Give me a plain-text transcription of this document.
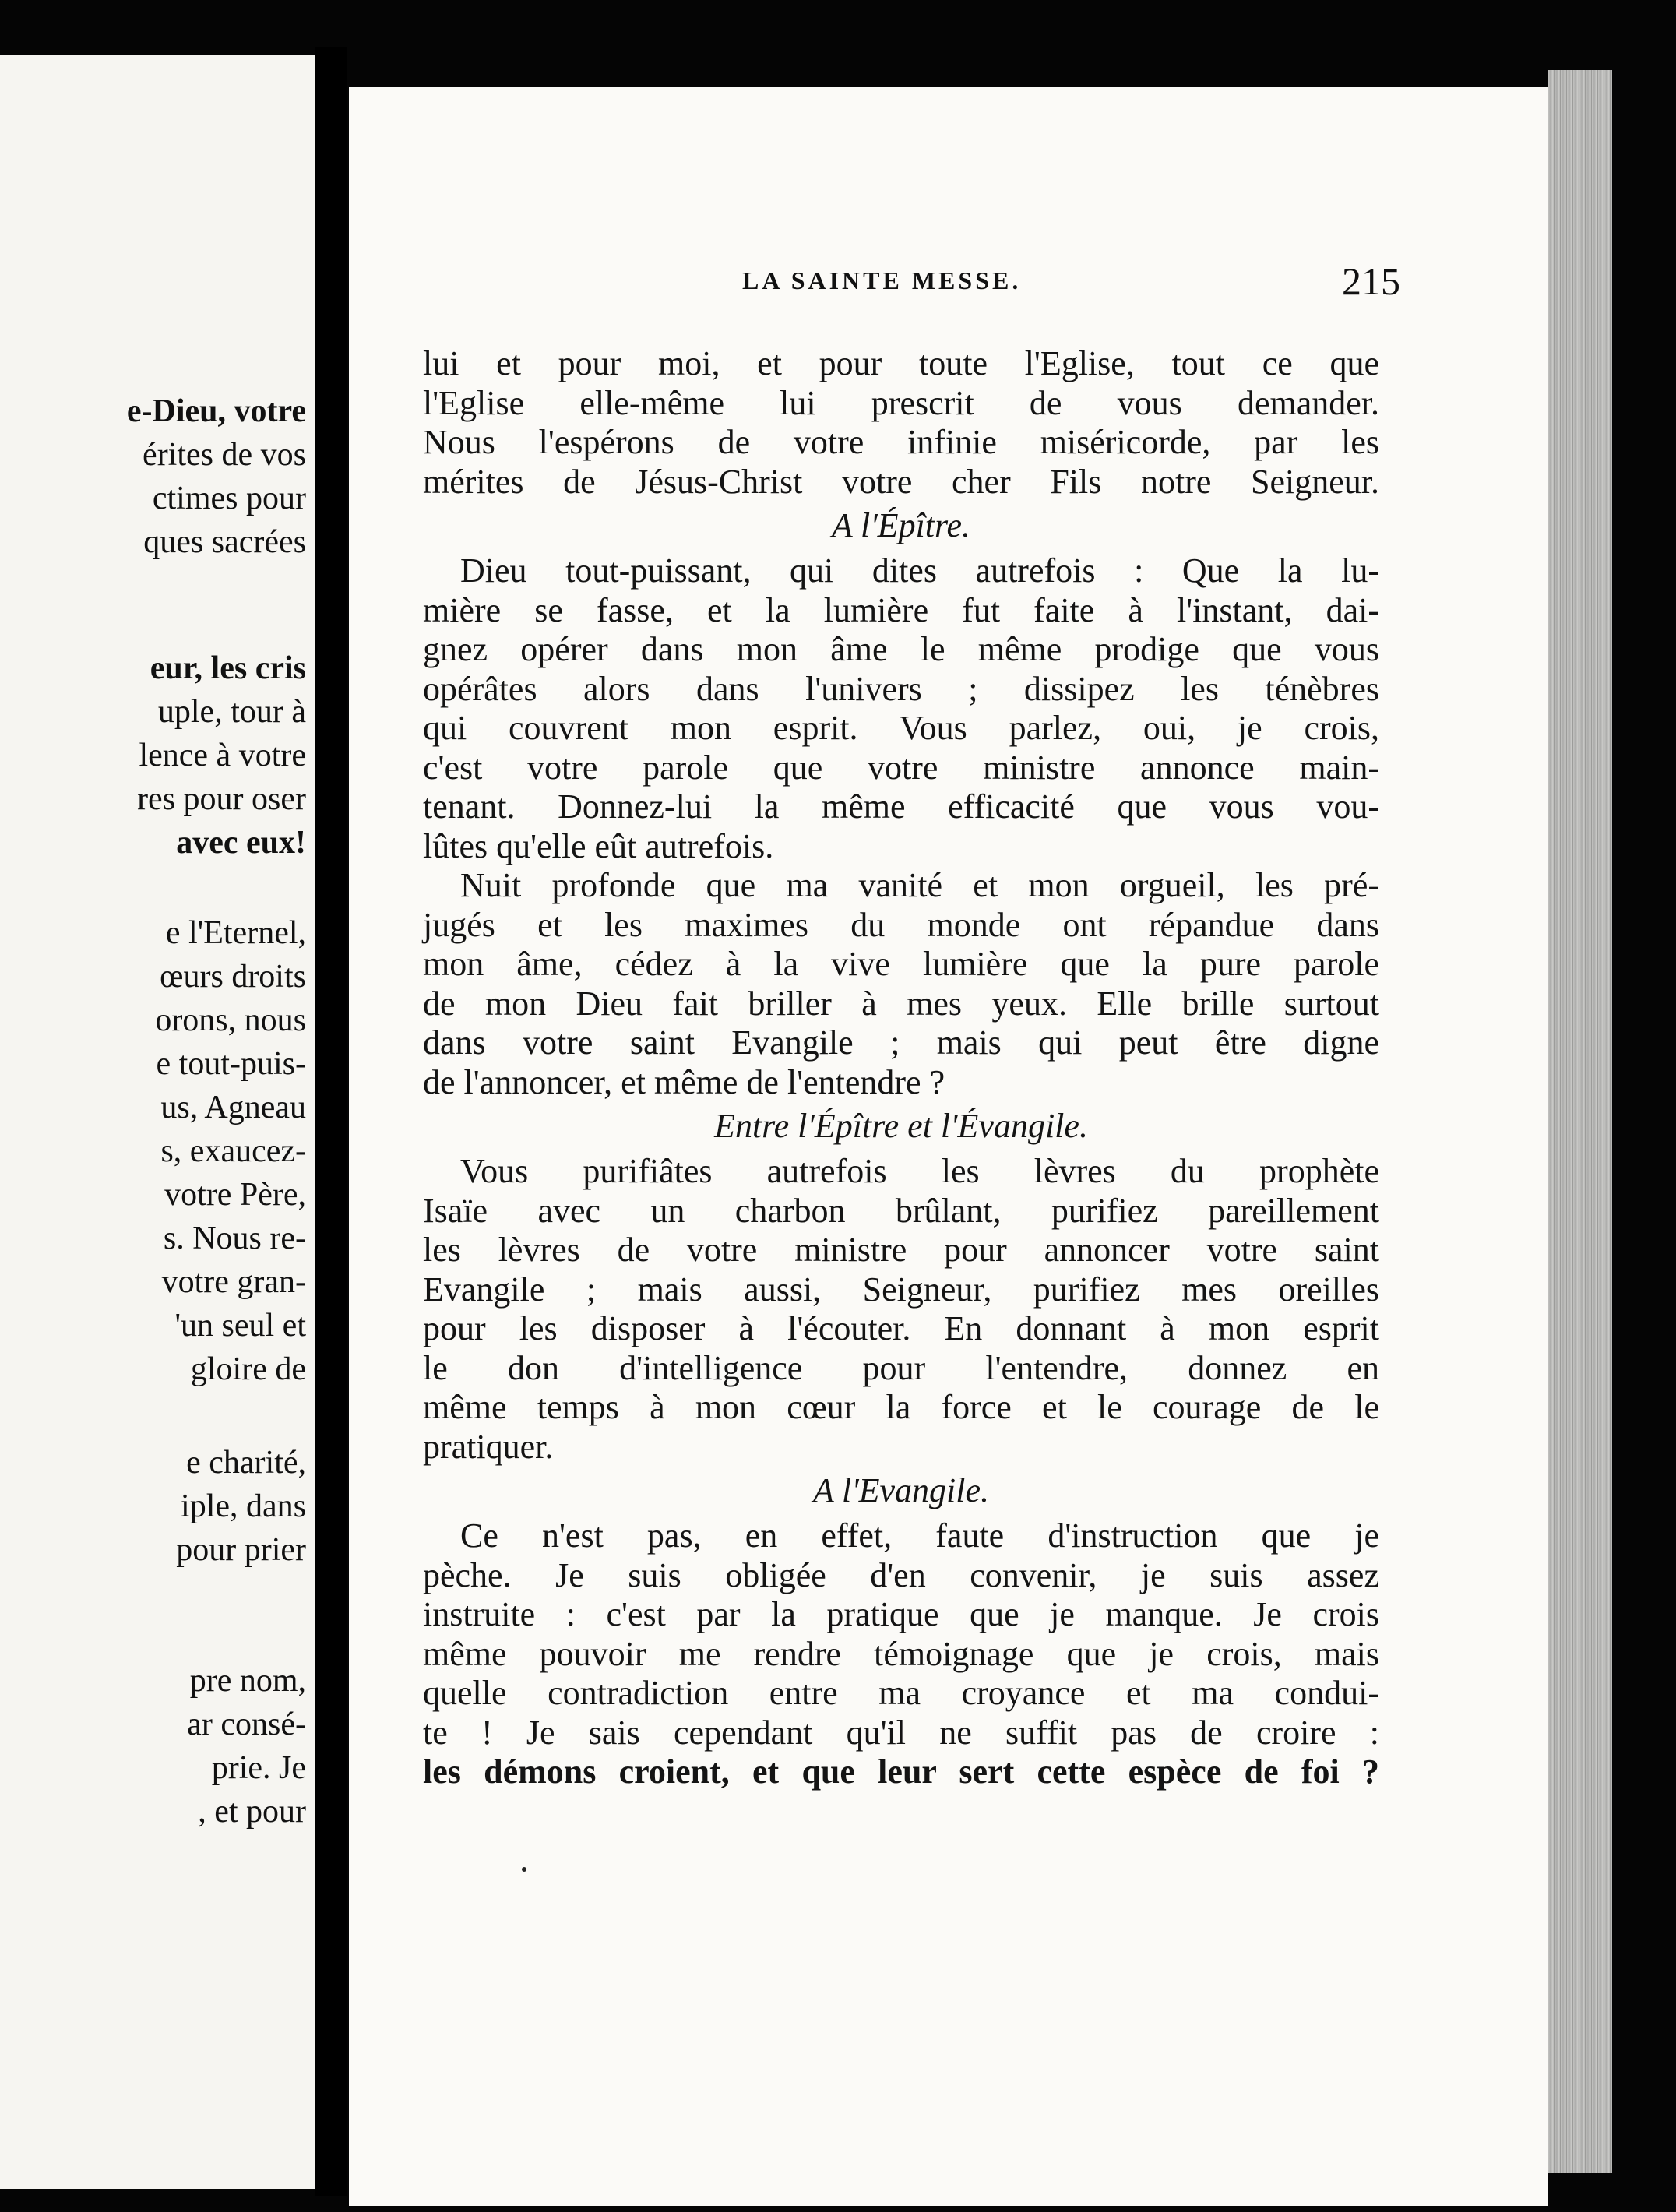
e-Dieu, votre
érites de vos
ctimes pour
ques sacrées
eur, les cris
uple, tour à
lence à votre
res pour oser
avec eux!
e l'Eternel,
œurs droits
orons, nous
e tout-puis-
us, Agneau
s, exaucez-
votre Père,
s. Nous re-
votre gran-
'un seul et
gloire de
e charité,
iple, dans
pour prier
pre nom,
ar consé-
prie. Je
, et pour
LA SAINTE MESSE.	215
lui et pour moi, et pour toute l'Eglise, tout ce que
l'Eglise elle-même lui prescrit de vous demander.
Nous l'espérons de votre infinie miséricorde, par les
mérites de Jésus-Christ votre cher Fils notre Seigneur.
A l'Épître.
Dieu tout-puissant, qui dites autrefois : Que la lu-
mière se fasse, et la lumière fut faite à l'instant, dai-
gnez opérer dans mon âme le même prodige que vous
opérâtes alors dans l'univers ; dissipez les ténèbres
qui couvrent mon esprit. Vous parlez, oui, je crois,
c'est votre parole que votre ministre annonce main-
tenant. Donnez-lui la même efficacité que vous vou-
lûtes qu'elle eût autrefois.
Nuit profonde que ma vanité et mon orgueil, les pré-
jugés et les maximes du monde ont répandue dans
mon âme, cédez à la vive lumière que la pure parole
de mon Dieu fait briller à mes yeux. Elle brille surtout
dans votre saint Evangile ; mais qui peut être digne
de l'annoncer, et même de l'entendre ?
Entre l'Épître et l'Évangile.
Vous purifiâtes autrefois les lèvres du prophète
Isaïe avec un charbon brûlant, purifiez pareillement
les lèvres de votre ministre pour annoncer votre saint
Evangile ; mais aussi, Seigneur, purifiez mes oreilles
pour les disposer à l'écouter. En donnant à mon esprit
le don d'intelligence pour l'entendre, donnez en
même temps à mon cœur la force et le courage de le
pratiquer.
A l'Evangile.
Ce n'est pas, en effet, faute d'instruction que je
pèche. Je suis obligée d'en convenir, je suis assez
instruite : c'est par la pratique que je manque. Je crois
même pouvoir me rendre témoignage que je crois, mais
quelle contradiction entre ma croyance et ma condui-
te ! Je sais cependant qu'il ne suffit pas de croire :
les démons croient, et que leur sert cette espèce de foi ?
